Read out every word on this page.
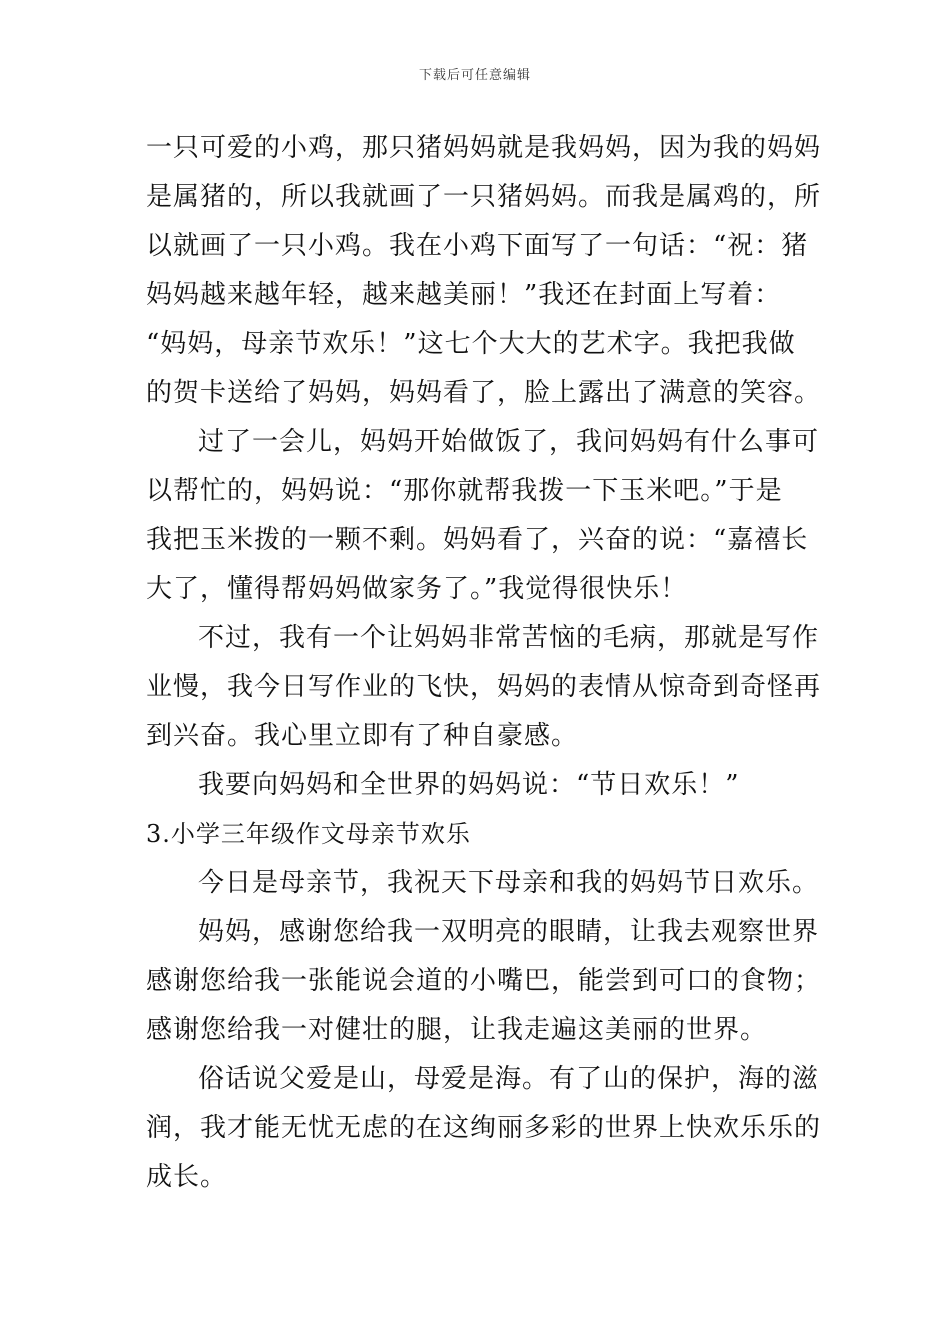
下载后可任意编辑
一只可爱的小鸡，那只猪妈妈就是我妈妈，因为我的妈妈
是属猪的，所以我就画了一只猪妈妈。而我是属鸡的，所
以就画了一只小鸡。我在小鸡下面写了一句话：“祝：猪
妈妈越来越年轻，越来越美丽！”我还在封面上写着：
“妈妈，母亲节欢乐！”这七个大大的艺术字。我把我做
的贺卡送给了妈妈，妈妈看了，脸上露出了满意的笑容。
过了一会儿，妈妈开始做饭了，我问妈妈有什么事可
以帮忙的，妈妈说：“那你就帮我拨一下玉米吧。”于是
我把玉米拨的一颗不剩。妈妈看了，兴奋的说：“嘉禧长
大了，懂得帮妈妈做家务了。”我觉得很快乐！
不过，我有一个让妈妈非常苦恼的毛病，那就是写作
业慢，我今日写作业的飞快，妈妈的表情从惊奇到奇怪再
到兴奋。我心里立即有了种自豪感。
我要向妈妈和全世界的妈妈说：“节日欢乐！”
3.小学三年级作文母亲节欢乐
今日是母亲节，我祝天下母亲和我的妈妈节日欢乐。
妈妈，感谢您给我一双明亮的眼睛，让我去观察世界
感谢您给我一张能说会道的小嘴巴，能尝到可口的食物；
感谢您给我一对健壮的腿，让我走遍这美丽的世界。
俗话说父爱是山，母爱是海。有了山的保护，海的滋
润，我才能无忧无虑的在这绚丽多彩的世界上快欢乐乐的
成长。
